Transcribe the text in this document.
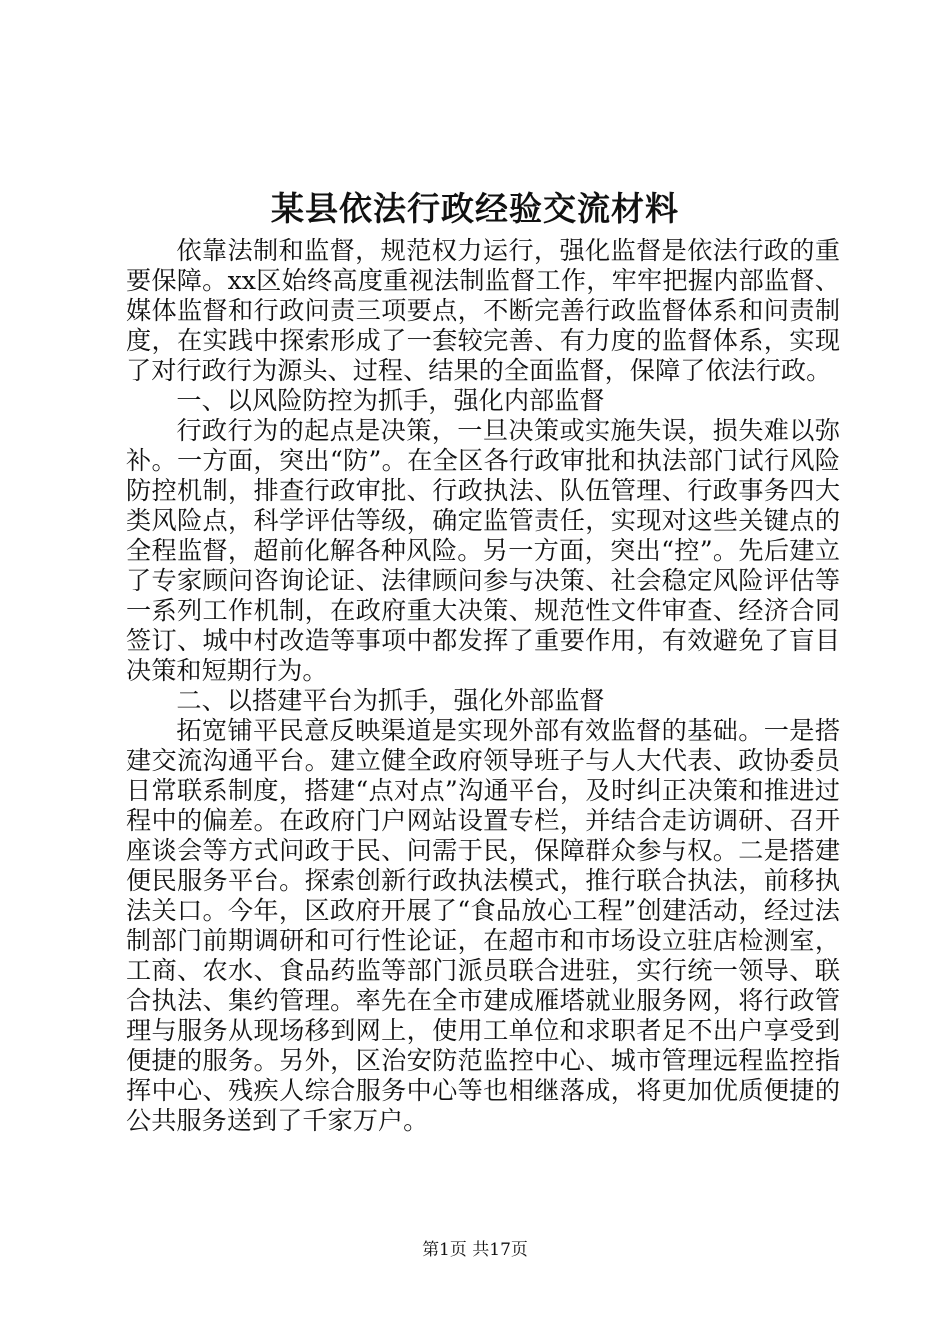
某县依法行政经验交流材料

依靠法制和监督，规范权力运行，强化监督是依法行政的重要保障。xx区始终高度重视法制监督工作，牢牢把握内部监督、媒体监督和行政问责三项要点，不断完善行政监督体系和问责制度，在实践中探索形成了一套较完善、有力度的监督体系，实现了对行政行为源头、过程、结果的全面监督，保障了依法行政。

一、以风险防控为抓手，强化内部监督

行政行为的起点是决策，一旦决策或实施失误，损失难以弥补。一方面，突出“防”。在全区各行政审批和执法部门试行风险防控机制，排查行政审批、行政执法、队伍管理、行政事务四大类风险点，科学评估等级，确定监管责任，实现对这些关键点的全程监督，超前化解各种风险。另一方面，突出“控”。先后建立了专家顾问咨询论证、法律顾问参与决策、社会稳定风险评估等一系列工作机制，在政府重大决策、规范性文件审查、经济合同签订、城中村改造等事项中都发挥了重要作用，有效避免了盲目决策和短期行为。

二、以搭建平台为抓手，强化外部监督

拓宽铺平民意反映渠道是实现外部有效监督的基础。一是搭建交流沟通平台。建立健全政府领导班子与人大代表、政协委员日常联系制度，搭建“点对点”沟通平台，及时纠正决策和推进过程中的偏差。在政府门户网站设置专栏，并结合走访调研、召开座谈会等方式问政于民、问需于民，保障群众参与权。二是搭建便民服务平台。探索创新行政执法模式，推行联合执法，前移执法关口。今年，区政府开展了“食品放心工程”创建活动，经过法制部门前期调研和可行性论证，在超市和市场设立驻店检测室，工商、农水、食品药监等部门派员联合进驻，实行统一领导、联合执法、集约管理。率先在全市建成雁塔就业服务网，将行政管理与服务从现场移到网上，使用工单位和求职者足不出户享受到便捷的服务。另外，区治安防范监控中心、城市管理远程监控指挥中心、残疾人综合服务中心等也相继落成，将更加优质便捷的公共服务送到了千家万户。

第1页 共17页
